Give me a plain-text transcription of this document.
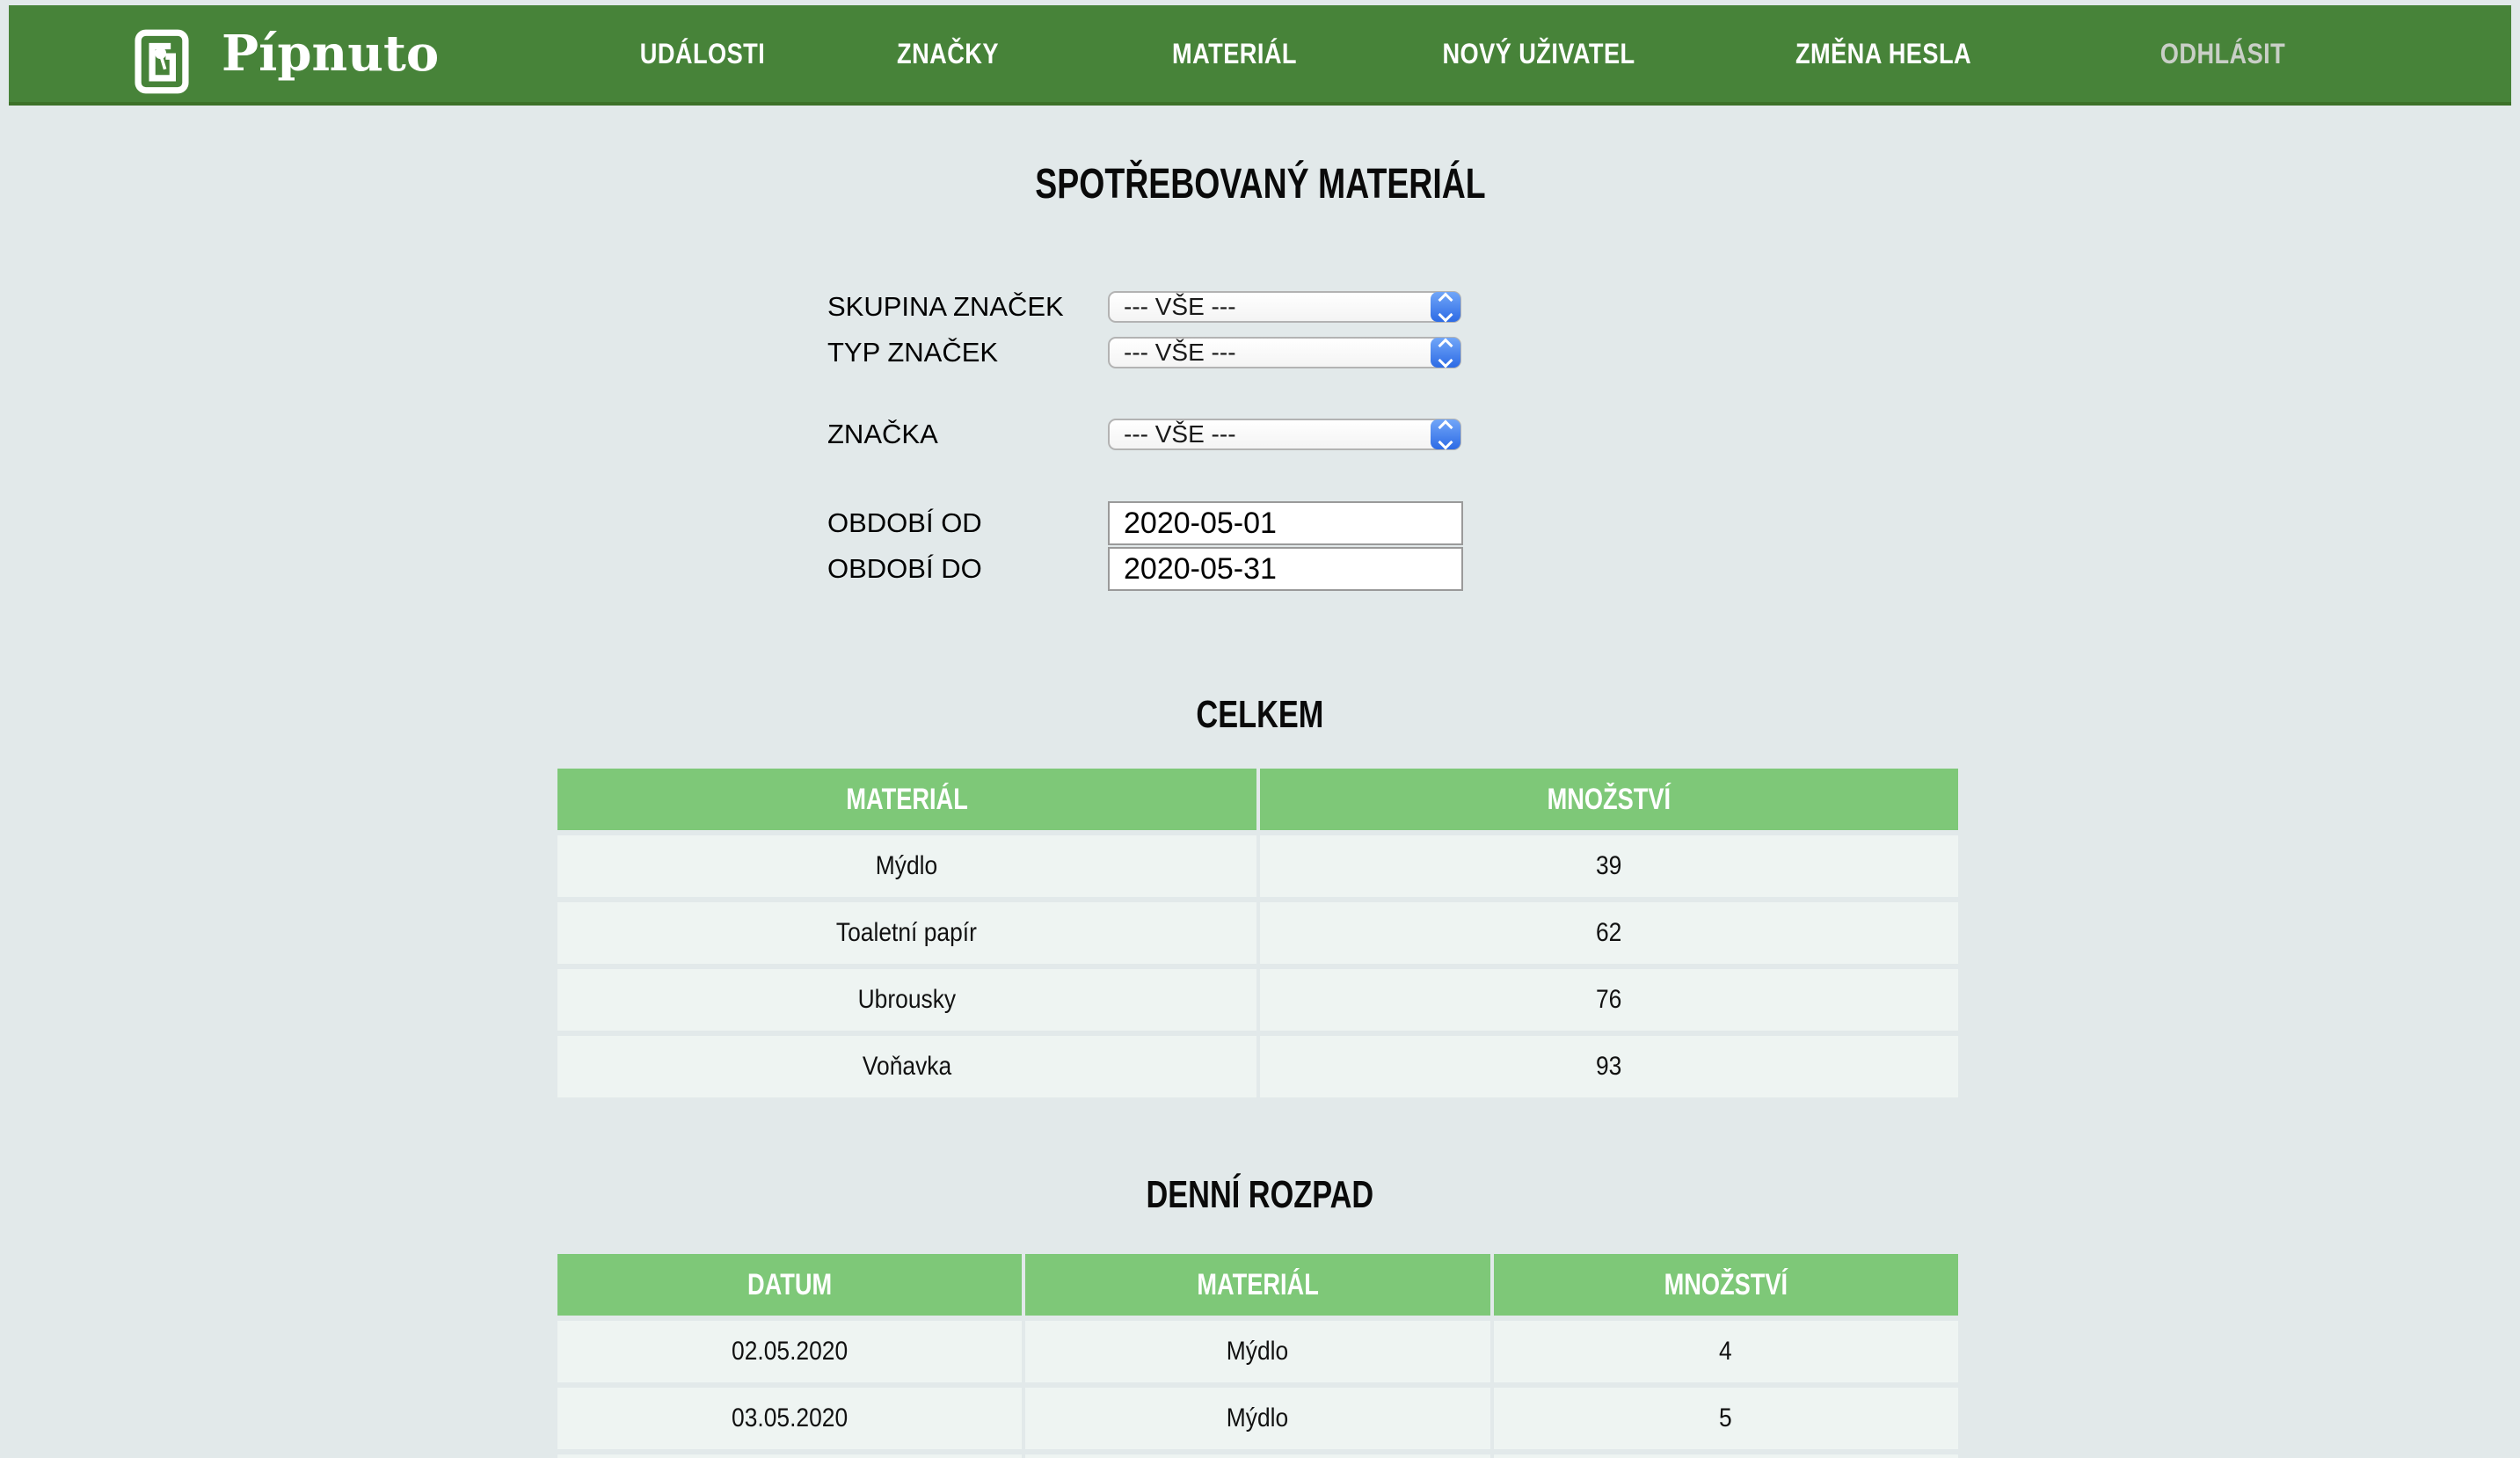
Pípnuto	UDÁLOSTI	ZNAČKY	MATERIÁL	NOVÝ UŽIVATEL	ZMĚNA HESLA	ODHLÁSIT
SPOTŘEBOVANÝ MATERIÁL
SKUPINA ZNAČEK	--- VŠE ---
TYP ZNAČEK	--- VŠE ---
ZNAČKA	--- VŠE ---
OBDOBÍ OD
2020-05-01
OBDOBÍ DO
2020-05-31
CELKEM
MATERIÁL	MNOŽSTVÍ
Mýdlo	39
Toaletní papír	62
Ubrousky	76
Voňavka	93
DENNÍ ROZPAD
DATUM	MATERIÁL	MNOŽSTVÍ
02.05.2020	Mýdlo	4
03.05.2020	Mýdlo	5
